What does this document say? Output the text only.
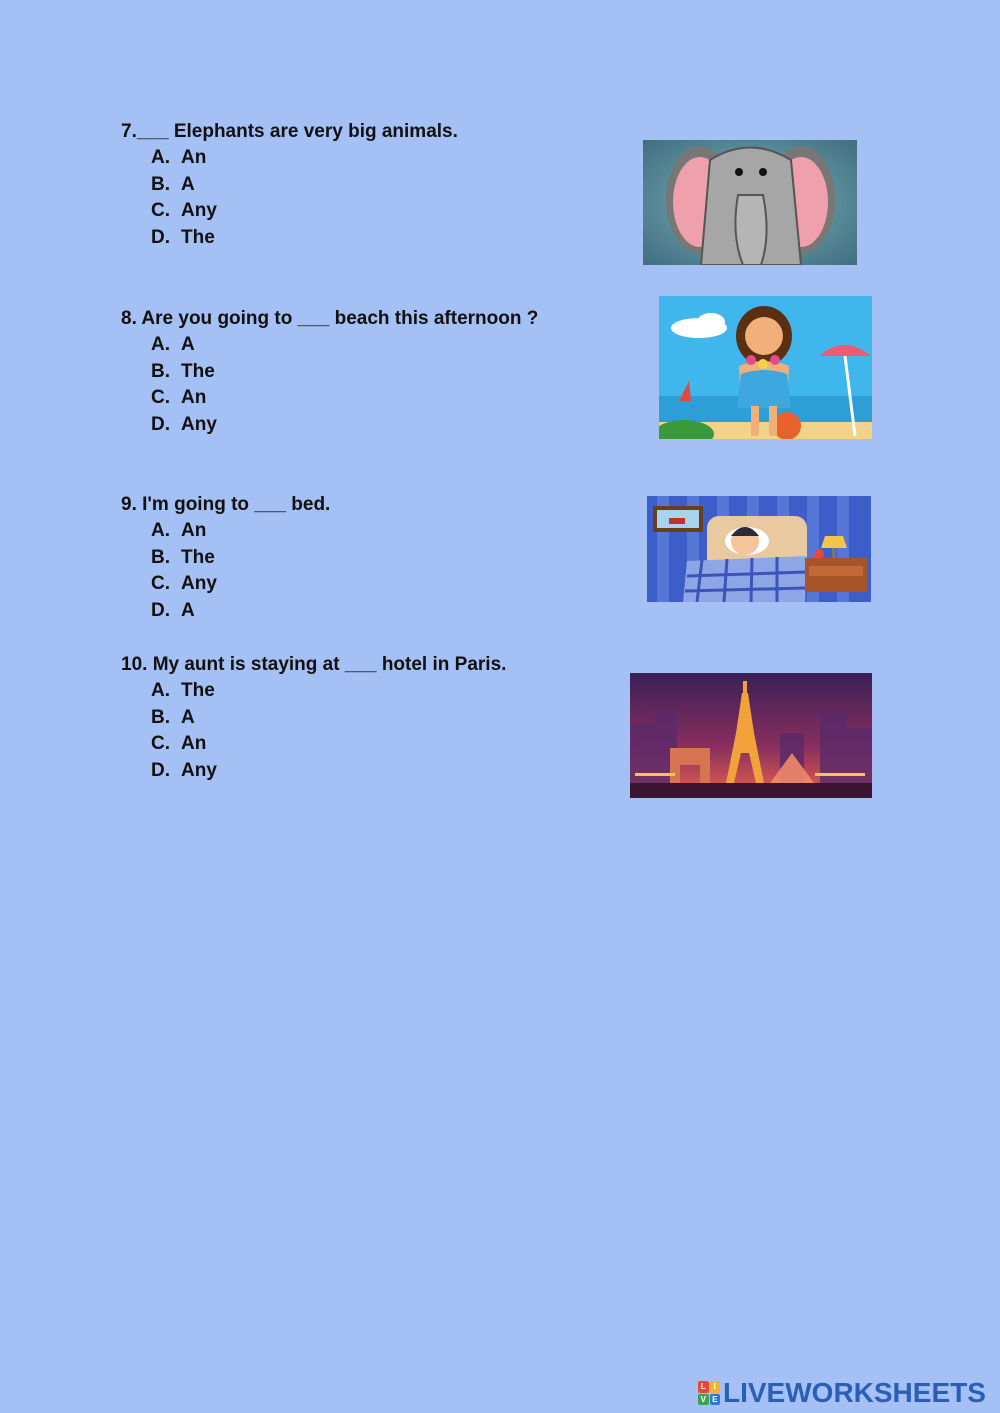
7.___ Elephants are very big animals.
A. An
B. A
C. Any
D. The
8. Are you going to ___ beach this afternoon ?
A. A
B. The
C. An
D. Any
9. I'm going to ___ bed.
A. An
B. The
C. Any
D. A
10. My aunt is staying at ___ hotel in Paris.
A. The
B. A
C. An
D. Any
L I
V E LIVEWORKSHEETS
